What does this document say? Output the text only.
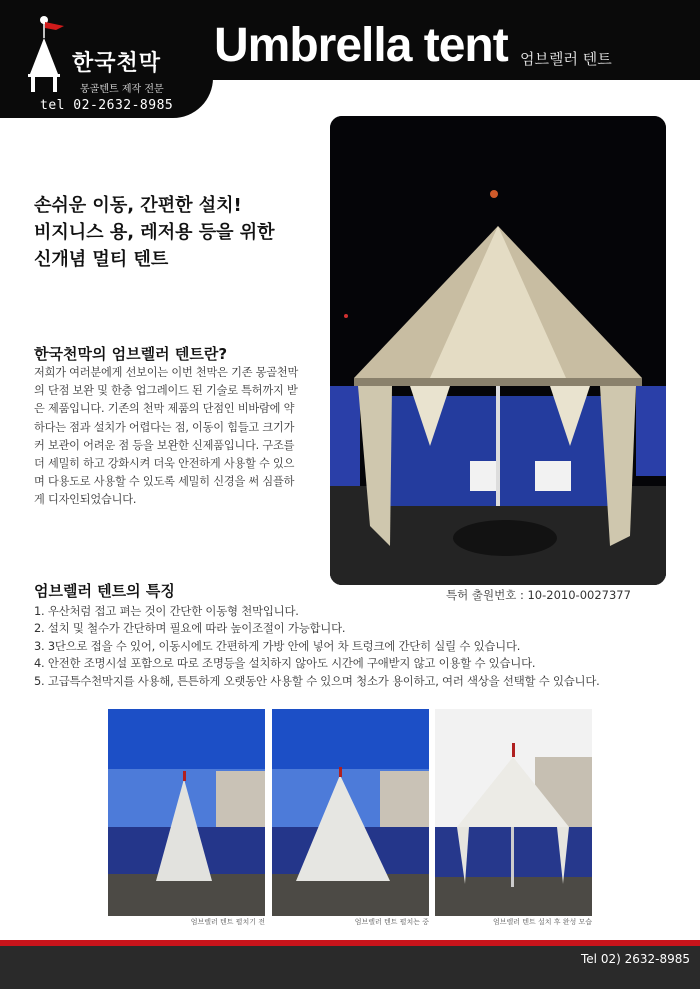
한국천막
몽골텐트 제작 전문
tel 02-2632-8985
Umbrella tent 엄브렐러 텐트
손쉬운 이동, 간편한 설치!
비지니스 용, 레저용 등을 위한
신개념 멀티 텐트
한국천막의 엄브렐러 텐트란?
저희가 여러분에게 선보이는 이번 천막은 기존 몽골천막의 단점 보완 및 한층 업그레이드 된 기술로 특허까지 받은 제품입니다. 기존의 천막 제품의 단점인 비바람에 약하다는 점과 설치가 어렵다는 점, 이동이 힘들고 크기가 커 보관이 어려운 점 등을 보완한 신제품입니다. 구조를 더 세밀히 하고 강화시켜 더욱 안전하게 사용할 수 있으며 다용도로 사용할 수 있도록 세밀히 신경을 써 심플하게 디자인되었습니다.
엄브렐러 텐트의 특징	특허 출원번호 : 10-2010-0027377
1. 우산처럼 접고 펴는 것이 간단한 이동형 천막입니다.
2. 설치 및 철수가 간단하며 필요에 따라 높이조절이 가능합니다.
3. 3단으로 접을 수 있어, 이동시에도 간편하게 가방 안에 넣어 차 트렁크에 간단히 실릴 수 있습니다.
4. 안전한 조명시설 포함으로 따로 조명등을 설치하지 않아도 시간에 구애받지 않고 이용할 수 있습니다.
5. 고급특수천막지를 사용해, 튼튼하게 오랫동안 사용할 수 있으며 청소가 용이하고, 여러 색상을 선택할 수 있습니다.
엄브렐러 텐트 펼치기 전	엄브렐러 텐트 펼치는 중	엄브렐러 텐트 설치 후 완성 모습
Tel 02) 2632-8985
